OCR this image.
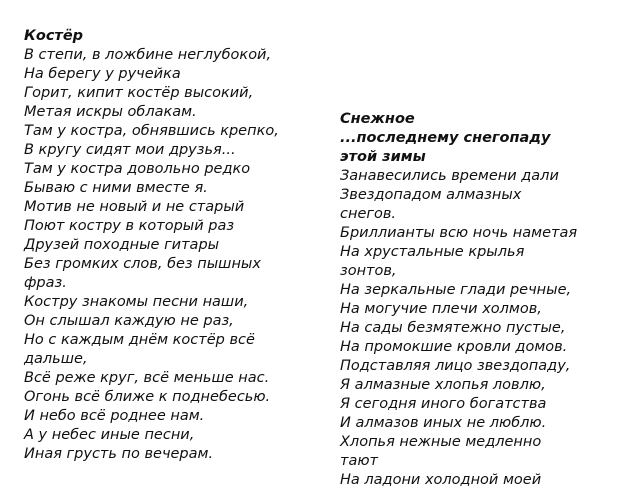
Костёр

В степи, в ложбине неглубокой,

На берегу у ручейка

Горит, кипит костёр высокий,

Метая искры облакам.

Там у костра, обнявшись крепко,

В кругу сидят мои друзья...

Там у костра довольно редко

Бываю с ними вместе я.

Мотив не новый и не старый

Поют костру в который раз

Друзей походные гитары

Без громких слов, без пышных

фраз.

Костру знакомы песни наши,

Он слышал каждую не раз,

Но с каждым днём костёр всё

дальше,

Всё реже круг, всё меньше нас.

Огонь всё ближе к поднебесью.

И небо всё роднее нам.

А у небес иные песни,

Иная грусть по вечерам.

Снежное

...последнему снегопаду

этой зимы

Занавесились времени дали

Звездопадом алмазных

снегов.

Бриллианты всю ночь наметая

На хрустальные крылья

зонтов,

На зеркальные глади речные,

На могучие плечи холмов,

На сады безмятежно пустые,

На промокшие кровли домов.

Подставляя лицо звездопаду,

Я алмазные хлопья ловлю,

Я сегодня иного богатства

И алмазов иных не люблю.

Хлопья нежные медленно

тают

На ладони холодной моей
